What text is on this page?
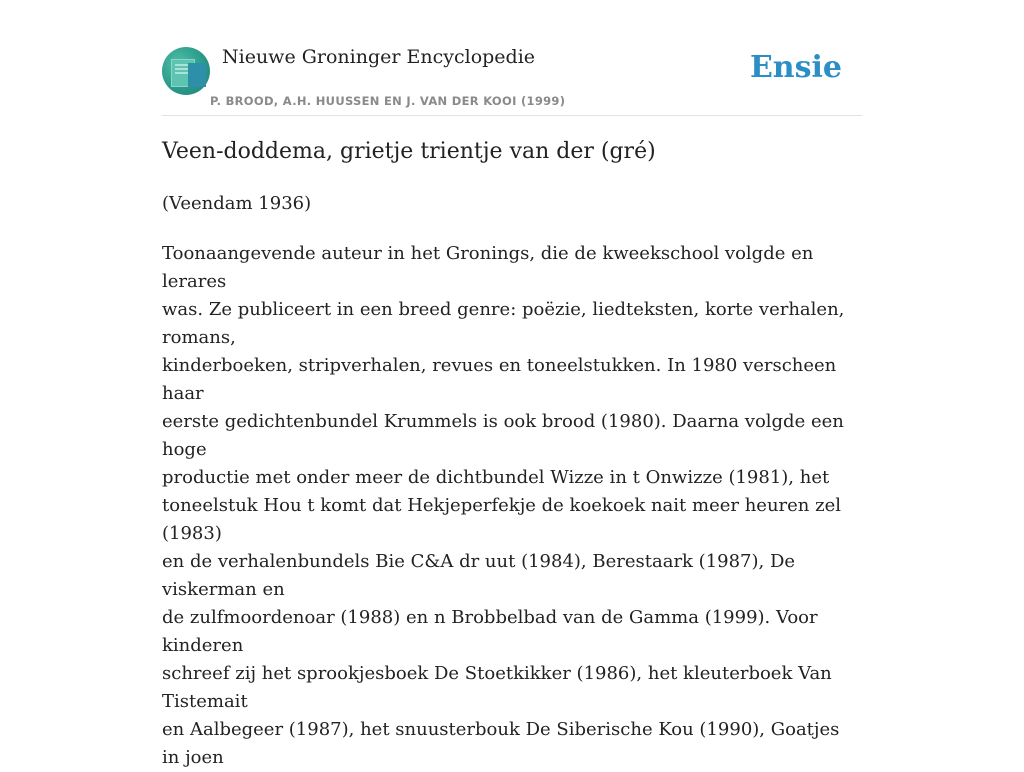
Nieuwe Groninger Encyclopedie
P. BROOD, A.H. HUUSSEN EN J. VAN DER KOOI (1999)
Ensie
Veen-doddema, grietje trientje van der (gré)

(Veendam 1936)

Toonaangevende auteur in het Gronings, die de kweekschool volgde en lerares
was. Ze publiceert in een breed genre: poëzie, liedteksten, korte verhalen, romans,
kinderboeken, stripverhalen, revues en toneelstukken. In 1980 verscheen haar
eerste gedichtenbundel Krummels is ook brood (1980). Daarna volgde een hoge
productie met onder meer de dichtbundel Wizze in t Onwizze (1981), het
toneelstuk Hou t komt dat Hekjeperfekje de koekoek nait meer heuren zel (1983)
en de verhalenbundels Bie C&A dr uut (1984), Berestaark (1987), De viskerman en
de zulfmoordenoar (1988) en n Brobbelbad van de Gamma (1999). Voor kinderen
schreef zij het sprookjesboek De Stoetkikker (1986), het kleuterboek Van Tistemait
en Aalbegeer (1987), het snuusterbouk De Siberische Kou (1990), Goatjes in joen
